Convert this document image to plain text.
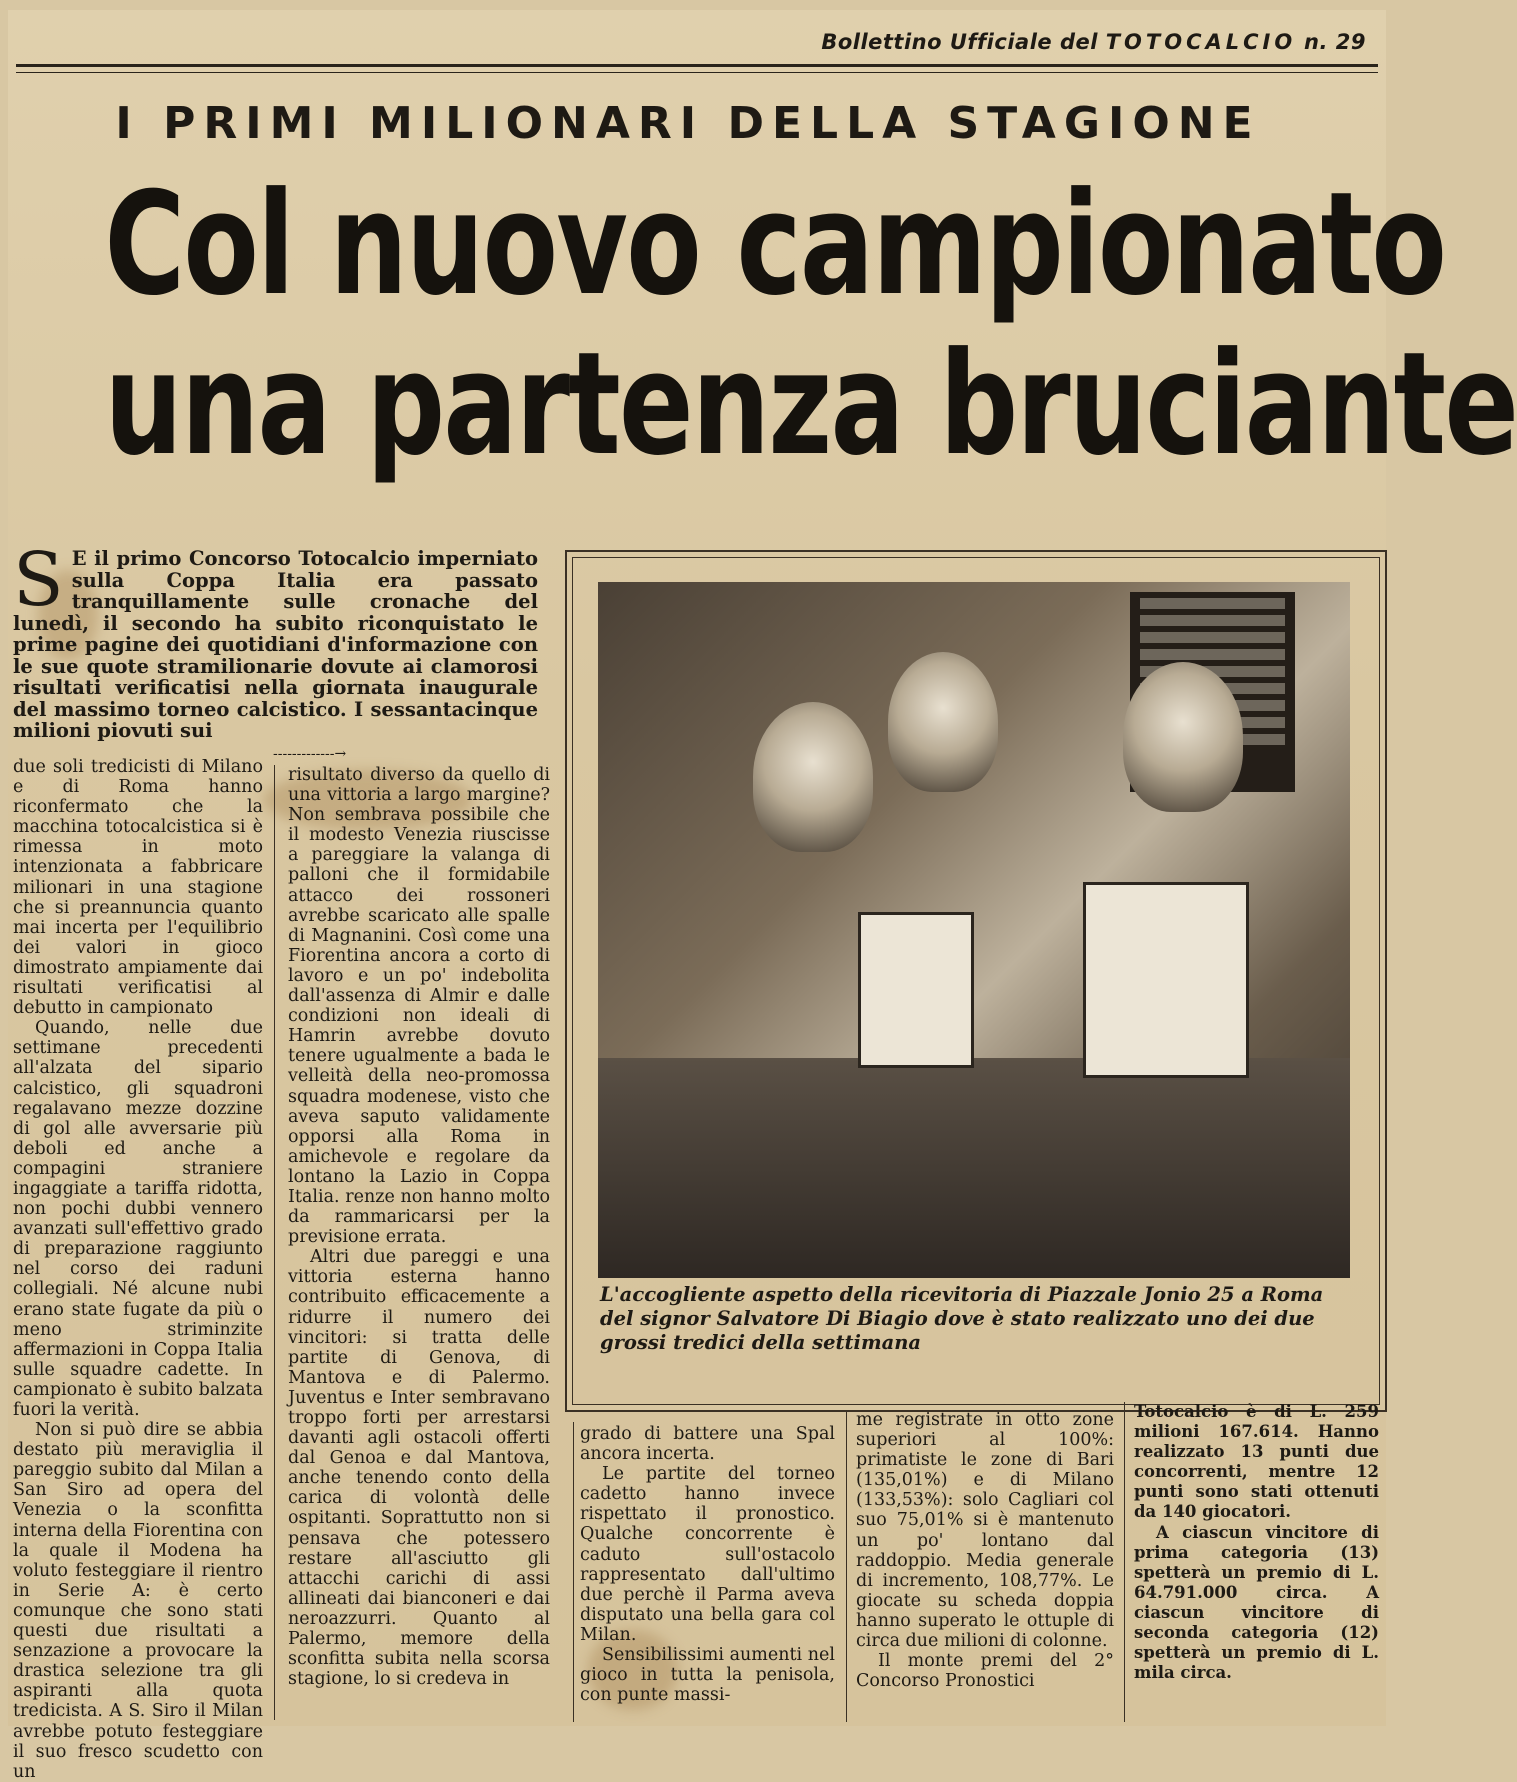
Bollettino Ufficiale del TOTOCALCIO n. 29
I PRIMI MILIONARI DELLA STAGIONE
Col nuovo campionato
una partenza bruciante
S E il primo Concorso Totocalcio imperniato sulla Coppa Italia era passato tranquillamente sulle cronache del lunedì, il secondo ha subito riconquistato le prime pagine dei quotidiani d'informazione con le sue quote stramilionarie dovute ai clamorosi risultati verificatisi nella giornata inaugurale del massimo torneo calcistico. I sessantacinque milioni piovuti sui
-------------→

due soli tredicisti di Milano e di Roma hanno riconfermato che la macchina totocalcistica si è rimessa in moto intenzionata a fabbricare milionari in una stagione che si preannuncia quanto mai incerta per l'equilibrio dei valori in gioco dimostrato ampiamente dai risultati verificatisi al debutto in campionato

Quando, nelle due settimane precedenti all'alzata del sipario calcistico, gli squadroni regalavano mezze dozzine di gol alle avversarie più deboli ed anche a compagini straniere ingaggiate a tariffa ridotta, non pochi dubbi vennero avanzati sull'effettivo grado di preparazione raggiunto nel corso dei raduni collegiali. Né alcune nubi erano state fugate da più o meno striminzite affermazioni in Coppa Italia sulle squadre cadette. In campionato è subito balzata fuori la verità.

Non si può dire se abbia destato più meraviglia il pareggio subito dal Milan a San Siro ad opera del Venezia o la sconfitta interna della Fiorentina con la quale il Modena ha voluto festeggiare il rientro in Serie A: è certo comunque che sono stati questi due risultati a senzazione a provocare la drastica selezione tra gli aspiranti alla quota tredicista. A S. Siro il Milan avrebbe potuto festeggiare il suo fresco scudetto con un

risultato diverso da quello di una vittoria a largo margine? Non sembrava possibile che il modesto Venezia riuscisse a pareggiare la valanga di palloni che il formidabile attacco dei rossoneri avrebbe scaricato alle spalle di Magnanini. Così come una Fiorentina ancora a corto di lavoro e un po' indebolita dall'assenza di Almir e dalle condizioni non ideali di Hamrin avrebbe dovuto tenere ugualmente a bada le velleità della neo-promossa squadra modenese, visto che aveva saputo validamente opporsi alla Roma in amichevole e regolare da lontano la Lazio in Coppa Italia. renze non hanno molto da rammaricarsi per la previsione errata.

Altri due pareggi e una vittoria esterna hanno contribuito efficacemente a ridurre il numero dei vincitori: si tratta delle partite di Genova, di Mantova e di Palermo. Juventus e Inter sembravano troppo forti per arrestarsi davanti agli ostacoli offerti dal Genoa e dal Mantova, anche tenendo conto della carica di volontà delle ospitanti. Soprattutto non si pensava che potessero restare all'asciutto gli attacchi carichi di assi allineati dai bianconeri e dai neroazzurri. Quanto al Palermo, memore della sconfitta subita nella scorsa stagione, lo si credeva in

L'accogliente aspetto della ricevitoria di Piazzale Jonio 25 a Roma del signor Salvatore Di Biagio dove è stato realizzato uno dei due grossi tredici della settimana

grado di battere una Spal ancora incerta.

Le partite del torneo cadetto hanno invece rispettato il pronostico. Qualche concorrente è caduto sull'ostacolo rappresentato dall'ultimo due perchè il Parma aveva disputato una bella gara col Milan.

Sensibilissimi aumenti nel gioco in tutta la penisola, con punte massi-

me registrate in otto zone superiori al 100%: primatiste le zone di Bari (135,01%) e di Milano (133,53%): solo Cagliari col suo 75,01% si è mantenuto un po' lontano dal raddoppio. Media generale di incremento, 108,77%. Le giocate su scheda doppia hanno superato le ottuple di circa due milioni di colonne.

Il monte premi del 2° Concorso Pronostici

Totocalcio è di L. 259 milioni 167.614. Hanno realizzato 13 punti due concorrenti, mentre 12 punti sono stati ottenuti da 140 giocatori.

A ciascun vincitore di prima categoria (13) spetterà un premio di L. 64.791.000 circa. A ciascun vincitore di seconda categoria (12) spetterà un premio di L. mila circa.
